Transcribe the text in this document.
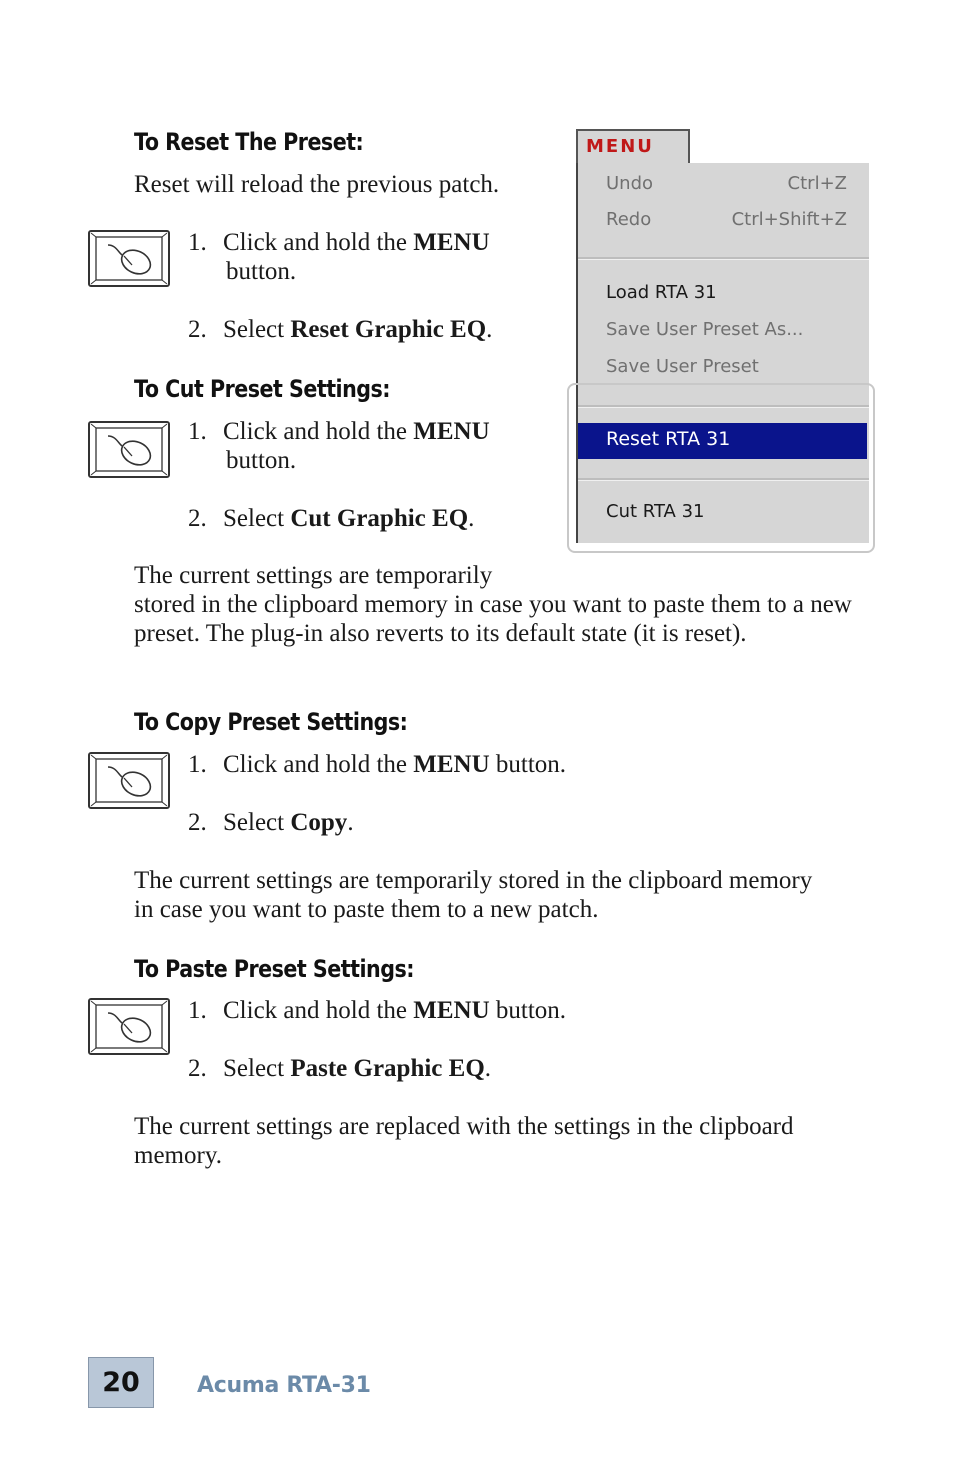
To Reset The Preset:
Reset will reload the previous patch.
1. Click and hold the MENU
button.
2. Select Reset Graphic EQ.
To Cut Preset Settings:
1. Click and hold the MENU
button.
2. Select Cut Graphic EQ.
The current settings are temporarily
stored in the clipboard memory in case you want to paste them to a new preset. The plug-in also reverts to its default state (it is reset).
MENU
Undo	Ctrl+Z
Redo	Ctrl+Shift+Z
Load RTA 31
Save User Preset As...
Save User Preset
Reset RTA 31
Cut RTA 31
To Copy Preset Settings:
1. Click and hold the MENU button.
2. Select Copy.
The current settings are temporarily stored in the clipboard memory in case you want to paste them to a new patch.
To Paste Preset Settings:
1. Click and hold the MENU button.
2. Select Paste Graphic EQ.
The current settings are replaced with the settings in the clipboard memory.
20	Acuma RTA-31
